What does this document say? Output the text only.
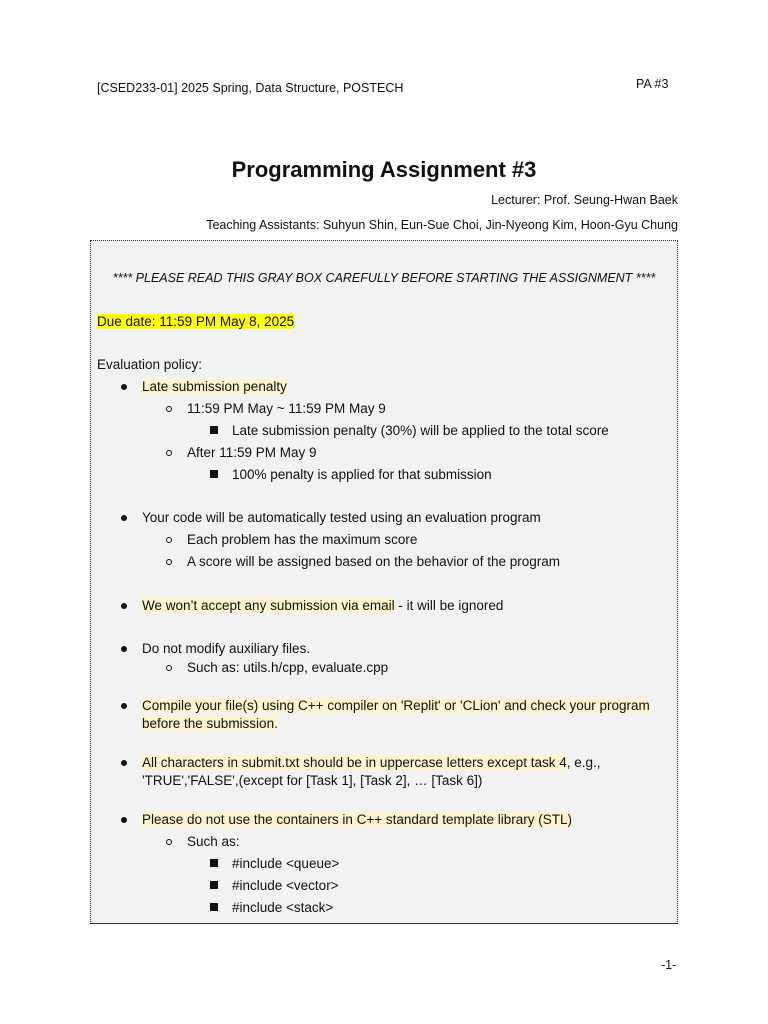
[CSED233-01] 2025 Spring, Data Structure, POSTECH	PA #3
Programming Assignment #3
Lecturer: Prof. Seung-Hwan Baek
Teaching Assistants: Suhyun Shin, Eun-Sue Choi, Jin-Nyeong Kim, Hoon-Gyu Chung
**** PLEASE READ THIS GRAY BOX CAREFULLY BEFORE STARTING THE ASSIGNMENT ****
Due date: 11:59 PM May 8, 2025
Evaluation policy:
Late submission penalty
11:59 PM May ~ 11:59 PM May 9
Late submission penalty (30%) will be applied to the total score
After 11:59 PM May 9
100% penalty is applied for that submission
Your code will be automatically tested using an evaluation program
Each problem has the maximum score
A score will be assigned based on the behavior of the program
We won’t accept any submission via email - it will be ignored
Do not modify auxiliary files.
Such as: utils.h/cpp, evaluate.cpp
Compile your file(s) using C++ compiler on 'Replit' or 'CLion' and check your program
before the submission.
All characters in submit.txt should be in uppercase letters except task 4, e.g.,
'TRUE','FALSE',(except for [Task 1], [Task 2], … [Task 6])
Please do not use the containers in C++ standard template library (STL)
Such as:
#include <queue>
#include <vector>
#include <stack>
-1-
